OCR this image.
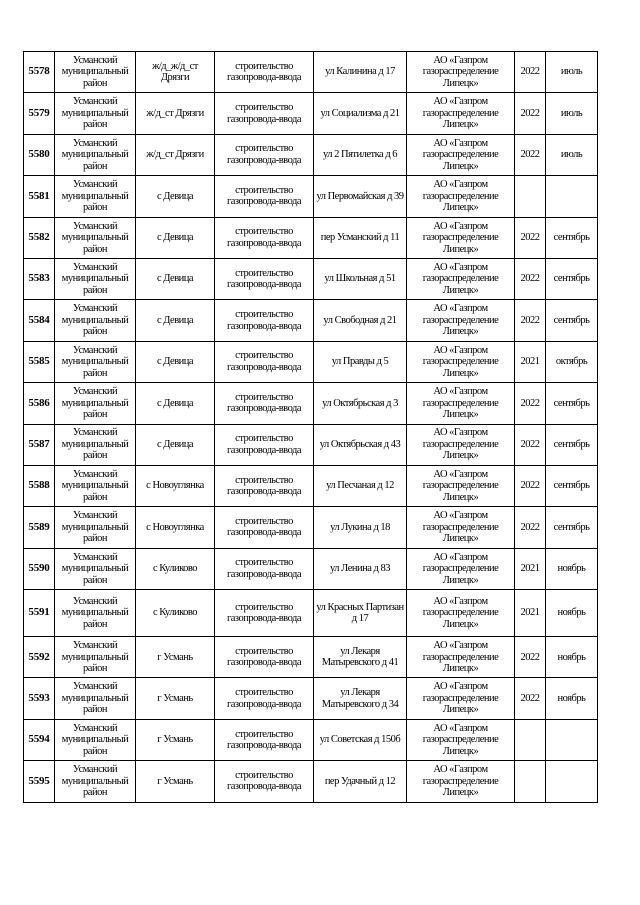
5578	Усманский муниципальный район	ж/д_ж/д_ст Дрязги	строительство газопровода-ввода	ул Калинина д 17	АО «Газпром газораспределение Липецк»	2022	июль
5579	Усманский муниципальный район	ж/д_ст Дрязги	строительство газопровода-ввода	ул Социализма д 21	АО «Газпром газораспределение Липецк»	2022	июль
5580	Усманский муниципальный район	ж/д_ст Дрязги	строительство газопровода-ввода	ул 2 Пятилетка д 6	АО «Газпром газораспределение Липецк»	2022	июль
5581	Усманский муниципальный район	с Девица	строительство газопровода-ввода	ул Первомайская д 39	АО «Газпром газораспределение Липецк»		
5582	Усманский муниципальный район	с Девица	строительство газопровода-ввода	пер Усманский д 11	АО «Газпром газораспределение Липецк»	2022	сентябрь
5583	Усманский муниципальный район	с Девица	строительство газопровода-ввода	ул Школьная д 51	АО «Газпром газораспределение Липецк»	2022	сентябрь
5584	Усманский муниципальный район	с Девица	строительство газопровода-ввода	ул Свободная д 21	АО «Газпром газораспределение Липецк»	2022	сентябрь
5585	Усманский муниципальный район	с Девица	строительство газопровода-ввода	ул Правды д 5	АО «Газпром газораспределение Липецк»	2021	октябрь
5586	Усманский муниципальный район	с Девица	строительство газопровода-ввода	ул Октябрьская д 3	АО «Газпром газораспределение Липецк»	2022	сентябрь
5587	Усманский муниципальный район	с Девица	строительство газопровода-ввода	ул Октябрьская д 43	АО «Газпром газораспределение Липецк»	2022	сентябрь
5588	Усманский муниципальный район	с Новоуглянка	строительство газопровода-ввода	ул Песчаная д 12	АО «Газпром газораспределение Липецк»	2022	сентябрь
5589	Усманский муниципальный район	с Новоуглянка	строительство газопровода-ввода	ул Лукина д 18	АО «Газпром газораспределение Липецк»	2022	сентябрь
5590	Усманский муниципальный район	с Куликово	строительство газопровода-ввода	ул Ленина д 83	АО «Газпром газораспределение Липецк»	2021	ноябрь
5591	Усманский муниципальный район	с Куликово	строительство газопровода-ввода	ул Красных Партизан д 17	АО «Газпром газораспределение Липецк»	2021	ноябрь
5592	Усманский муниципальный район	г Усмань	строительство газопровода-ввода	ул Лекаря Матыревского д 41	АО «Газпром газораспределение Липецк»	2022	ноябрь
5593	Усманский муниципальный район	г Усмань	строительство газопровода-ввода	ул Лекаря Матыревского д 34	АО «Газпром газораспределение Липецк»	2022	ноябрь
5594	Усманский муниципальный район	г Усмань	строительство газопровода-ввода	ул Советская д 150б	АО «Газпром газораспределение Липецк»		
5595	Усманский муниципальный район	г Усмань	строительство газопровода-ввода	пер Удачный д 12	АО «Газпром газораспределение Липецк»		
